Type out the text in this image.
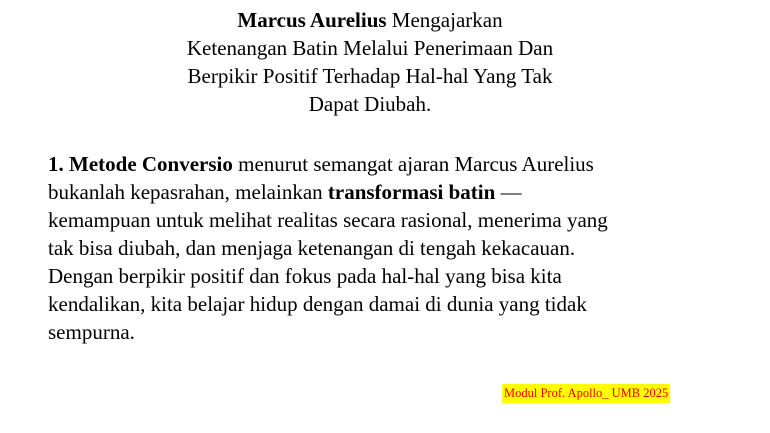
Marcus Aurelius Mengajarkan
Ketenangan Batin Melalui Penerimaan Dan
Berpikir Positif Terhadap Hal-hal Yang Tak
Dapat Diubah.
1. Metode Conversio menurut semangat ajaran Marcus Aurelius
bukanlah kepasrahan, melainkan transformasi batin —
kemampuan untuk melihat realitas secara rasional, menerima yang
tak bisa diubah, dan menjaga ketenangan di tengah kekacauan.
Dengan berpikir positif dan fokus pada hal-hal yang bisa kita
kendalikan, kita belajar hidup dengan damai di dunia yang tidak
sempurna.
Modul Prof. Apollo_ UMB 2025
